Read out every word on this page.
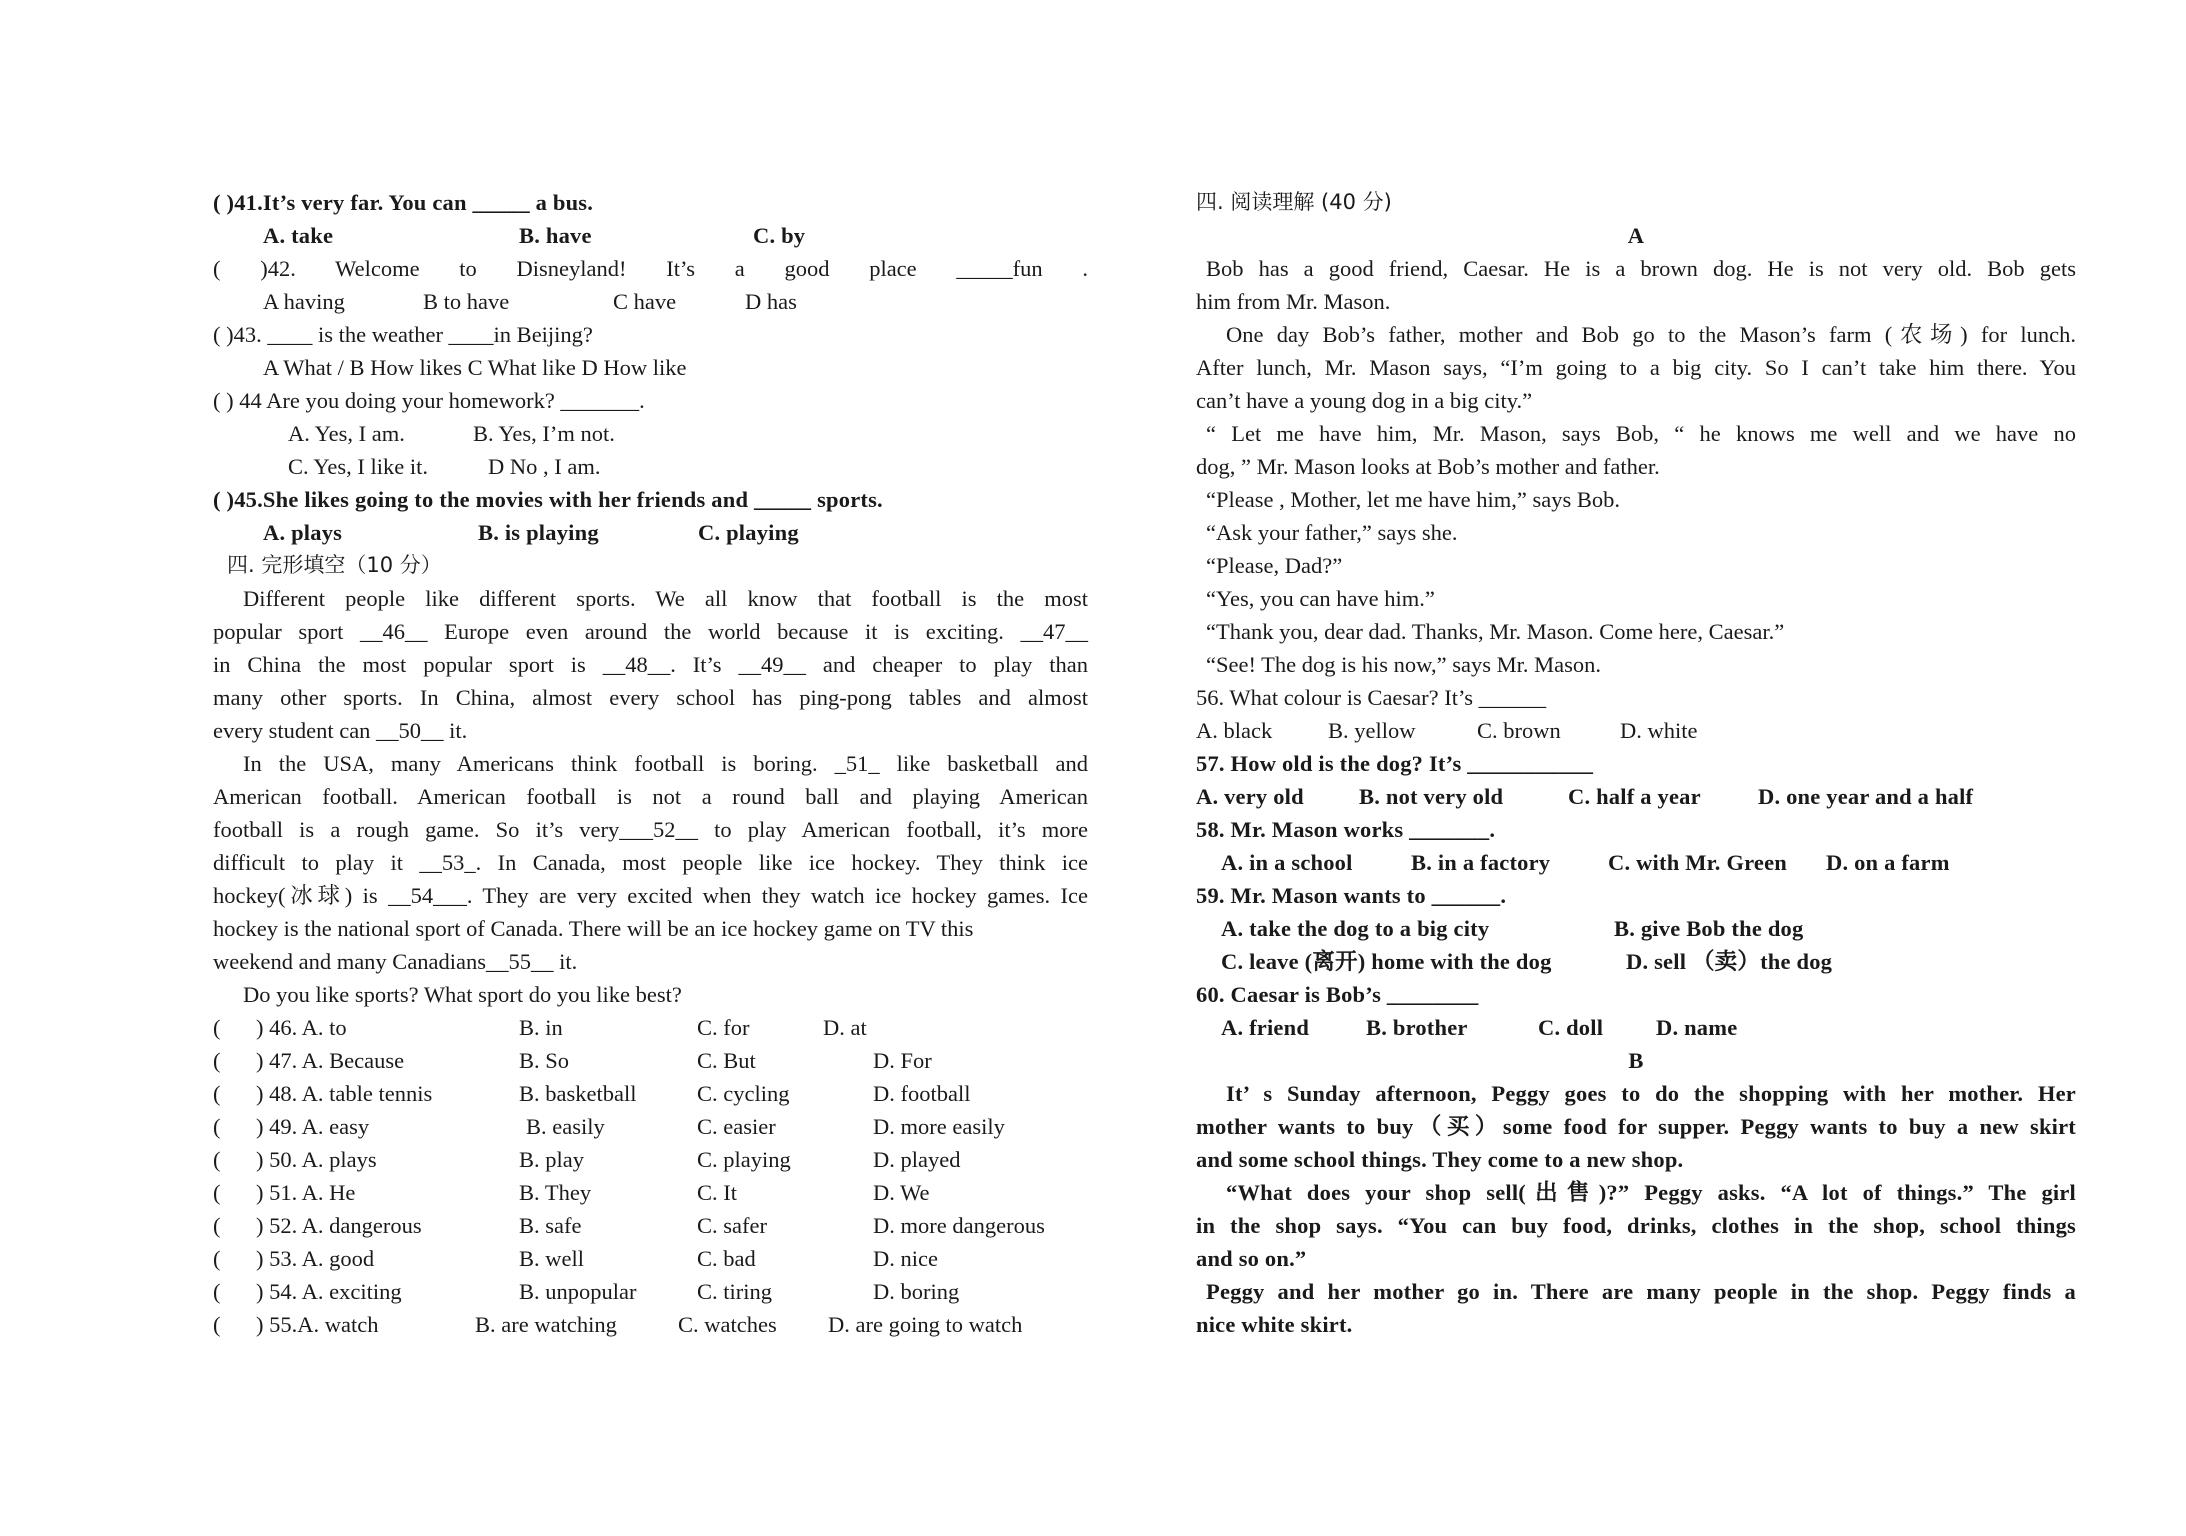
( )41.It’s very far. You can _____ a bus.
A. take	B. have	C. by
( )42. Welcome to Disneyland! It’s a good place _____fun .
A having	B to have	C have	D has
( )43. ____ is the weather ____in Beijing?
A What / B How likes C What like D How like
( ) 44 Are you doing your homework? _______.
A. Yes, I am.	B. Yes, I’m not.
C. Yes, I like it.	D No , I am.
( )45.She likes going to the movies with her friends and _____ sports.
A. plays	B. is playing	C. playing
四. 完形填空（10 分）
Different people like different sports. We all know that football is the most
popular sport __46__ Europe even around the world because it is exciting. __47__
in China the most popular sport is __48__. It’s __49__ and cheaper to play than
many other sports. In China, almost every school has ping-pong tables and almost
every student can __50__ it.
In the USA, many Americans think football is boring. _51_ like basketball and
American football. American football is not a round ball and playing American
football is a rough game. So it’s very___52__ to play American football, it’s more
difficult to play it __53_. In Canada, most people like ice hockey. They think ice
hockey(冰球) is __54___. They are very excited when they watch ice hockey games. Ice
hockey is the national sport of Canada. There will be an ice hockey game on TV this
weekend and many Canadians__55__ it.
Do you like sports? What sport do you like best?
( ) 46. A. to	B. in	C. for	D. at
( ) 47. A. Because	B. So	C. But	D. For
( ) 48. A. table tennis	B. basketball	C. cycling	D. football
( ) 49. A. easy	B. easily	C. easier	D. more easily
( ) 50. A. plays	B. play	C. playing	D. played
( ) 51. A. He	B. They	C. It	D. We
( ) 52. A. dangerous	B. safe	C. safer	D. more dangerous
( ) 53. A. good	B. well	C. bad	D. nice
( ) 54. A. exciting	B. unpopular	C. tiring	D. boring
( ) 55.A. watch	B. are watching	C. watches D. are going to watch
四. 阅读理解 (40 分)
A
Bob has a good friend, Caesar. He is a brown dog. He is not very old. Bob gets
him from Mr. Mason.
One day Bob’s father, mother and Bob go to the Mason’s farm (农场) for lunch.
After lunch, Mr. Mason says, “I’m going to a big city. So I can’t take him there. You
can’t have a young dog in a big city.”
“ Let me have him, Mr. Mason, says Bob, “ he knows me well and we have no
dog, ” Mr. Mason looks at Bob’s mother and father.
“Please , Mother, let me have him,” says Bob.
“Ask your father,” says she.
“Please, Dad?”
“Yes, you can have him.”
“Thank you, dear dad. Thanks, Mr. Mason. Come here, Caesar.”
“See! The dog is his now,” says Mr. Mason.
56. What colour is Caesar? It’s ______
A. black B. yellow	C. brown	D. white
57. How old is the dog? It’s ___________
A. very old B. not very old	C. half a year	D. one year and a half
58. Mr. Mason works _______.
A. in a school	B. in a factory	C. with Mr. Green D. on a farm
59. Mr. Mason wants to ______.
A. take the dog to a big city	B. give Bob the dog
C. leave (离开) home with the dog	D. sell （卖）the dog
60. Caesar is Bob’s ________
A. friend	B. brother	C. doll D. name
B
It’ s Sunday afternoon, Peggy goes to do the shopping with her mother. Her
mother wants to buy（买）some food for supper. Peggy wants to buy a new skirt
and some school things. They come to a new shop.
“What does your shop sell(出售)?” Peggy asks. “A lot of things.” The girl
in the shop says. “You can buy food, drinks, clothes in the shop, school things
and so on.”
Peggy and her mother go in. There are many people in the shop. Peggy finds a
nice white skirt.
